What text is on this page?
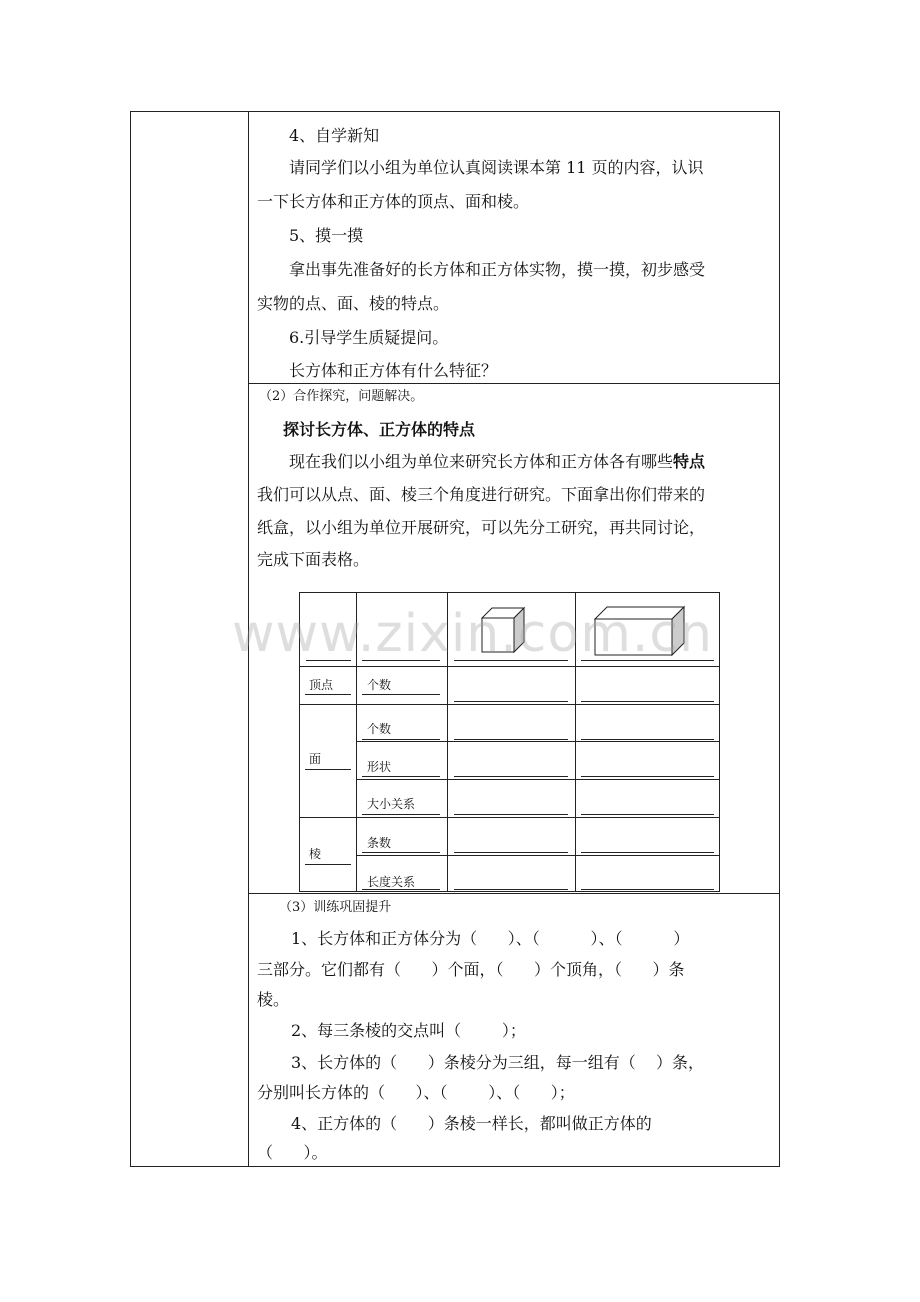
4、自学新知
请同学们以小组为单位认真阅读课本第 11 页的内容，认识
一下长方体和正方体的顶点、面和棱。
5、摸一摸
拿出事先准备好的长方体和正方体实物，摸一摸，初步感受
实物的点、面、棱的特点。
6.引导学生质疑提问。
长方体和正方体有什么特征？
（2）合作探究，问题解决。
探讨长方体、正方体的特点
现在我们以小组为单位来研究长方体和正方体各有哪些特点
我们可以从点、面、棱三个角度进行研究。下面拿出你们带来的
纸盒，以小组为单位开展研究，可以先分工研究，再共同讨论，
完成下面表格。
顶点
面
棱
个数
个数
形状
大小关系
条数
长度关系
www.zixin.com.cn
（3）训练巩固提升
1、长方体和正方体分为（      ）、（          ）、（          ）
三部分。它们都有（      ）个面，（      ）个顶角，（      ）条
棱。
2、每三条棱的交点叫（        ）；
3、长方体的（      ）条棱分为三组，每一组有（    ）条，
分别叫长方体的（      ）、（        ）、（      ）；
4、正方体的（      ）条棱一样长，都叫做正方体的
（      ）。
